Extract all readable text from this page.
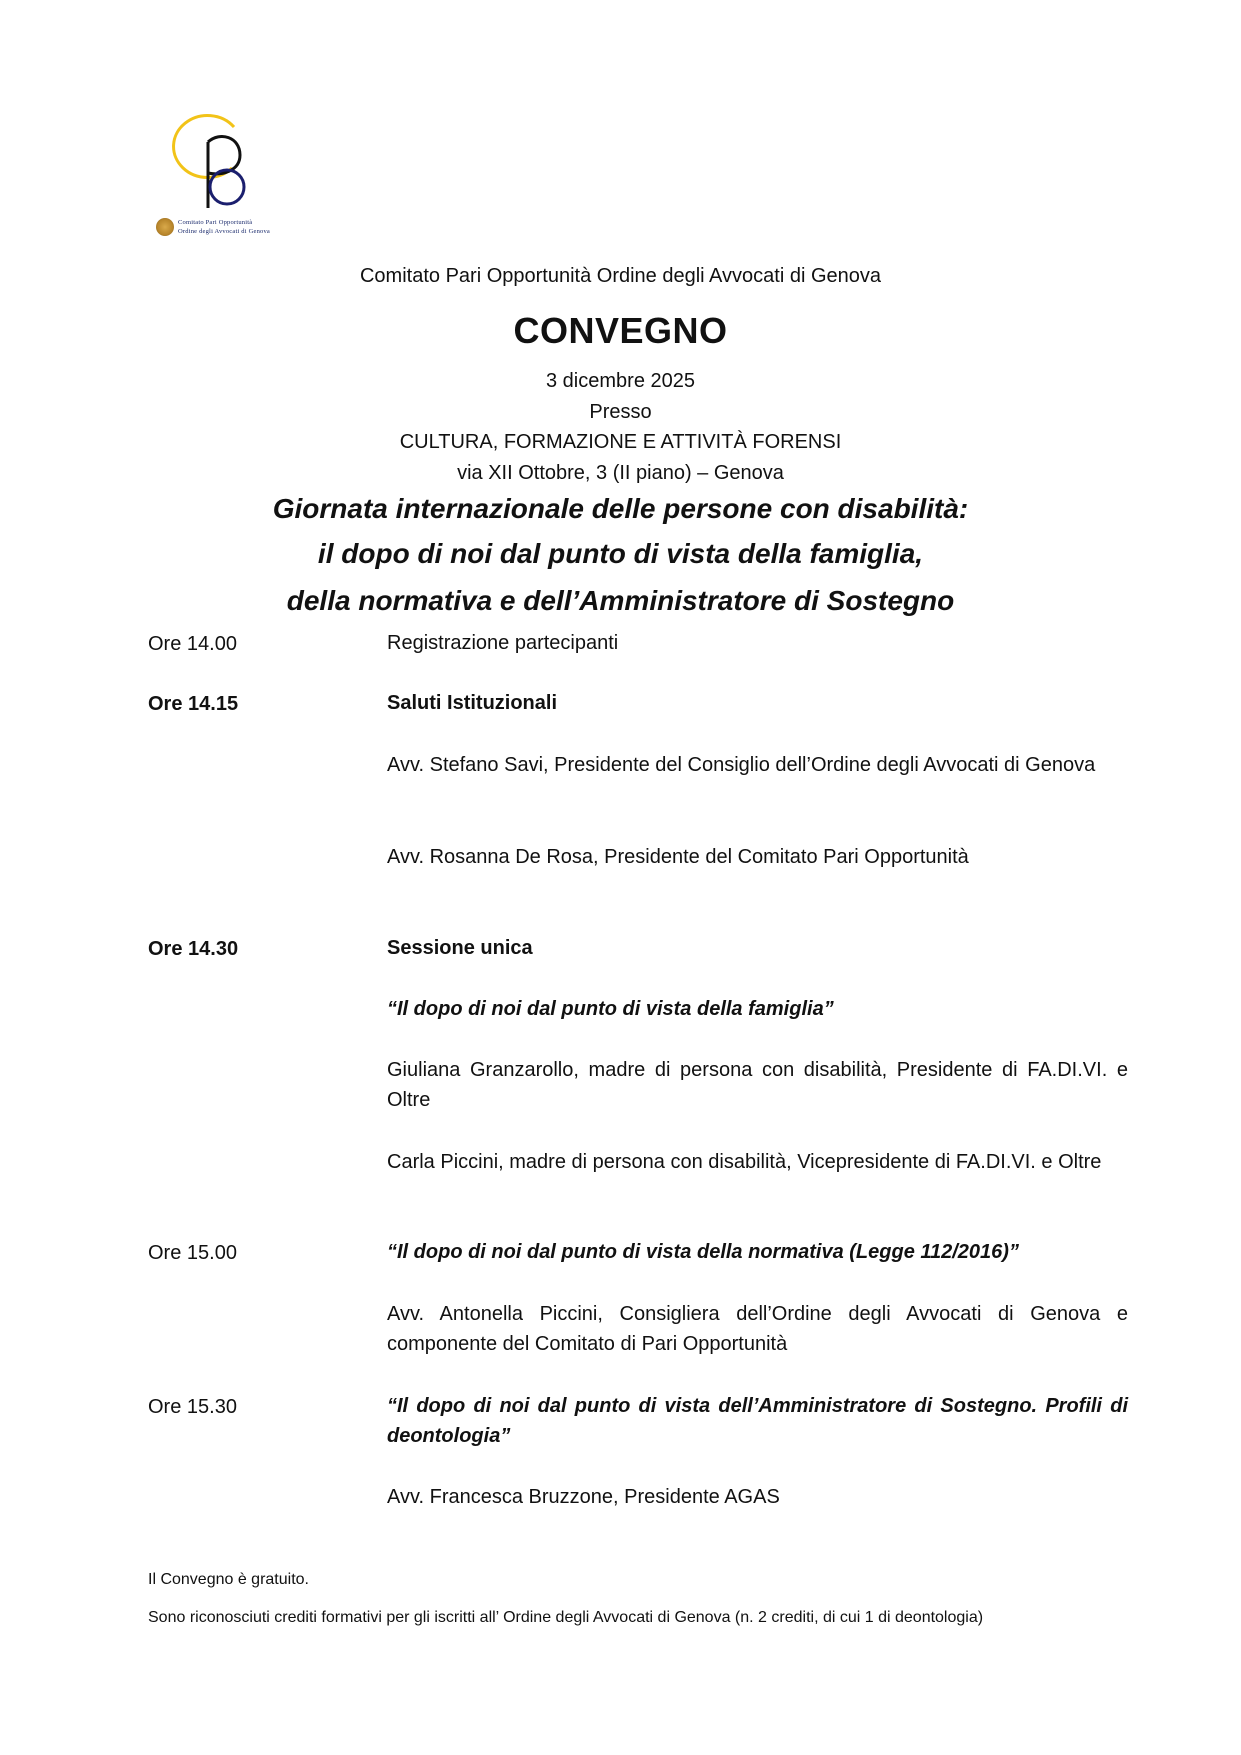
Comitato Pari Opportunità
Ordine degli Avvocati di Genova
Comitato Pari Opportunità Ordine degli Avvocati di Genova
CONVEGNO
3 dicembre 2025
Presso
CULTURA, FORMAZIONE E ATTIVITÀ FORENSI
via XII Ottobre, 3 (II piano) – Genova
Giornata internazionale delle persone con disabilità:
il dopo di noi dal punto di vista della famiglia,
della normativa e dell’Amministratore di Sostegno
Ore 14.00	Registrazione partecipanti
Ore 14.15	Saluti Istituzionali
Avv. Stefano Savi, Presidente del Consiglio dell’Ordine degli Avvocati di Genova
Avv. Rosanna De Rosa, Presidente del Comitato Pari Opportunità
Ore 14.30	Sessione unica
“Il dopo di noi dal punto di vista della famiglia”
Giuliana Granzarollo, madre di persona con disabilità, Presidente di FA.DI.VI. e Oltre
Carla Piccini, madre di persona con disabilità, Vicepresidente di FA.DI.VI. e Oltre
Ore 15.00	“Il dopo di noi dal punto di vista della normativa (Legge 112/2016)”
Avv. Antonella Piccini, Consigliera dell’Ordine degli Avvocati di Genova e componente del Comitato di Pari Opportunità
Ore 15.30	“Il dopo di noi dal punto di vista dell’Amministratore di Sostegno. Profili di deontologia”
Avv. Francesca Bruzzone, Presidente AGAS
Il Convegno è gratuito.
Sono riconosciuti crediti formativi per gli iscritti all’ Ordine degli Avvocati di Genova (n. 2 crediti, di cui 1 di deontologia)
